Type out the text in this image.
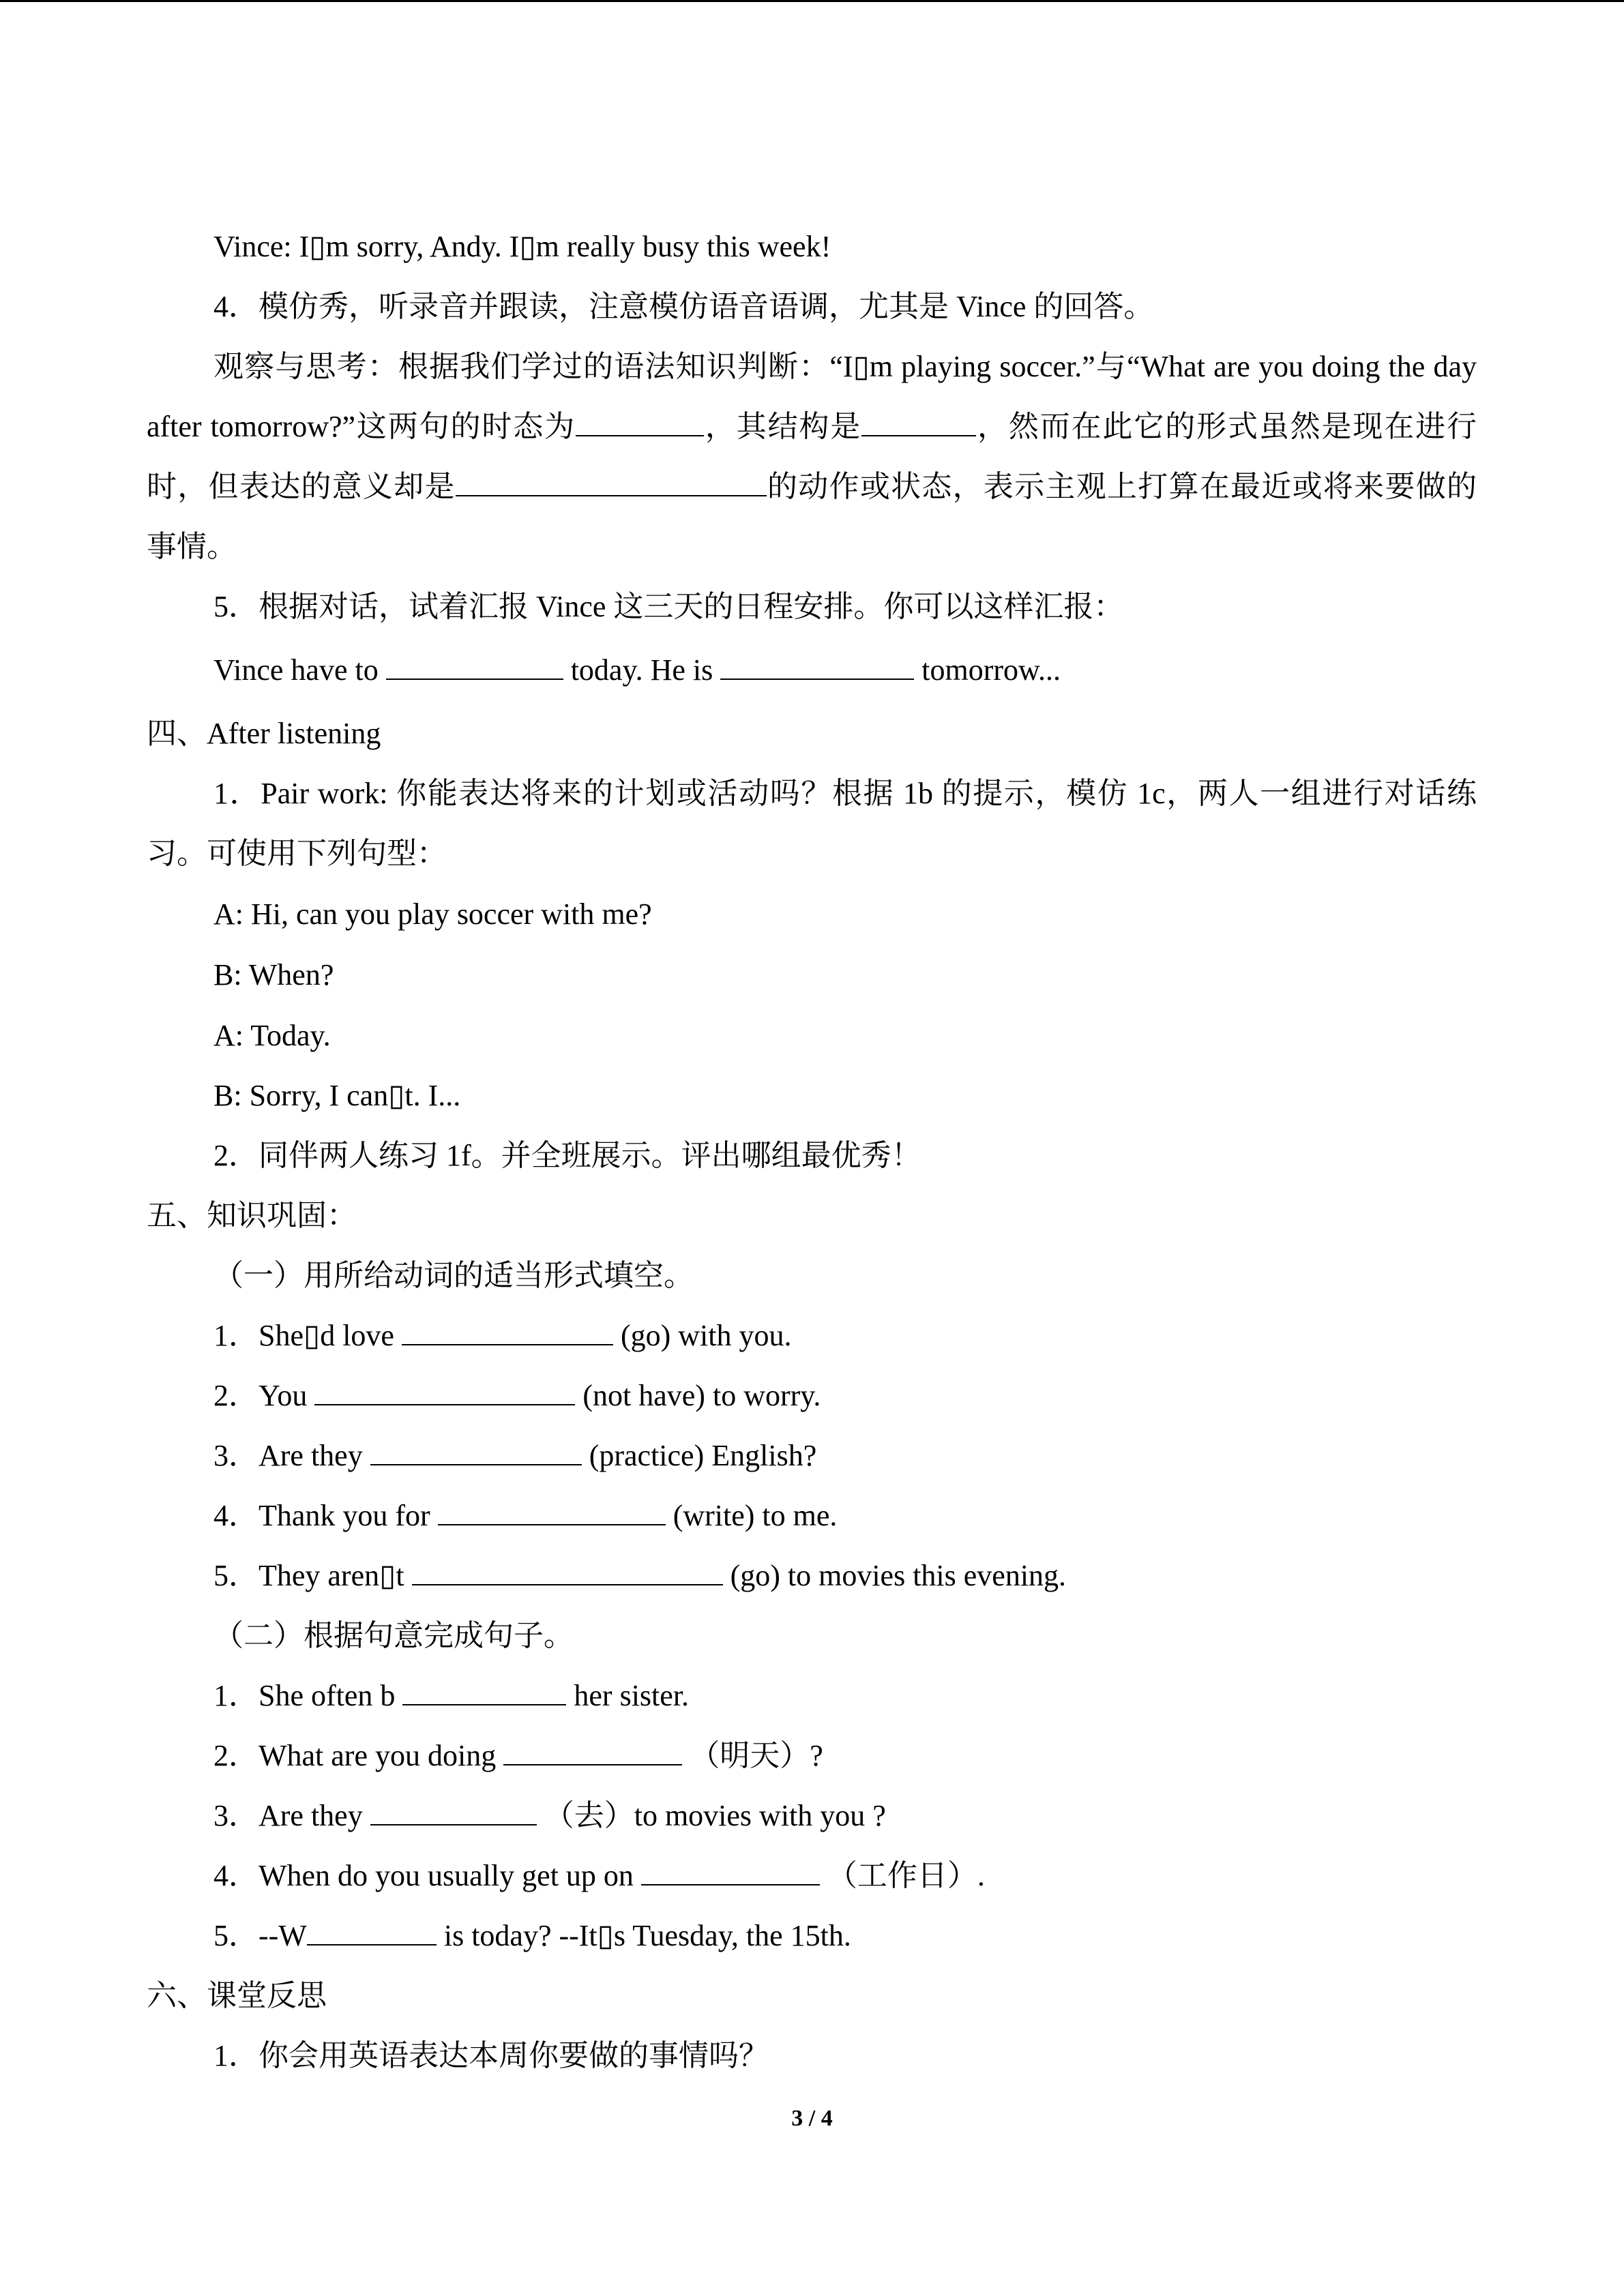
Vince: I▯m sorry, Andy. I▯m really busy this week!
4．模仿秀，听录音并跟读，注意模仿语音语调，尤其是 Vince 的回答。
观察与思考：根据我们学过的语法知识判断：“I▯m playing soccer.”与“What are you doing the day after tomorrow?”这两句的时态为	，其结构是	，然而在此它的形式虽然是现在进行时，但表达的意义却是	的动作或状态，表示主观上打算在最近或将来要做的事情。
5．根据对话，试着汇报 Vince 这三天的日程安排。你可以这样汇报：
Vince have to	today. He is	tomorrow...
四、After listening
1．Pair work: 你能表达将来的计划或活动吗？根据 1b 的提示，模仿 1c，两人一组进行对话练习。可使用下列句型：
A: Hi, can you play soccer with me?
B: When?
A: Today.
B: Sorry, I can▯t. I...
2．同伴两人练习 1f。并全班展示。评出哪组最优秀！
五、知识巩固：
（一）用所给动词的适当形式填空。
1．She▯d love	(go) with you.
2．You	(not have) to worry.
3．Are they	(practice) English?
4．Thank you for	(write) to me.
5．They aren▯t	(go) to movies this evening.
（二）根据句意完成句子。
1．She often b	her sister.
2．What are you doing	（明天）?
3．Are they	（去）to movies with you ?
4．When do you usually get up on	（工作日）.
5．--W	is today? --It▯s Tuesday, the 15th.
六、课堂反思
1．你会用英语表达本周你要做的事情吗？
3 / 4
